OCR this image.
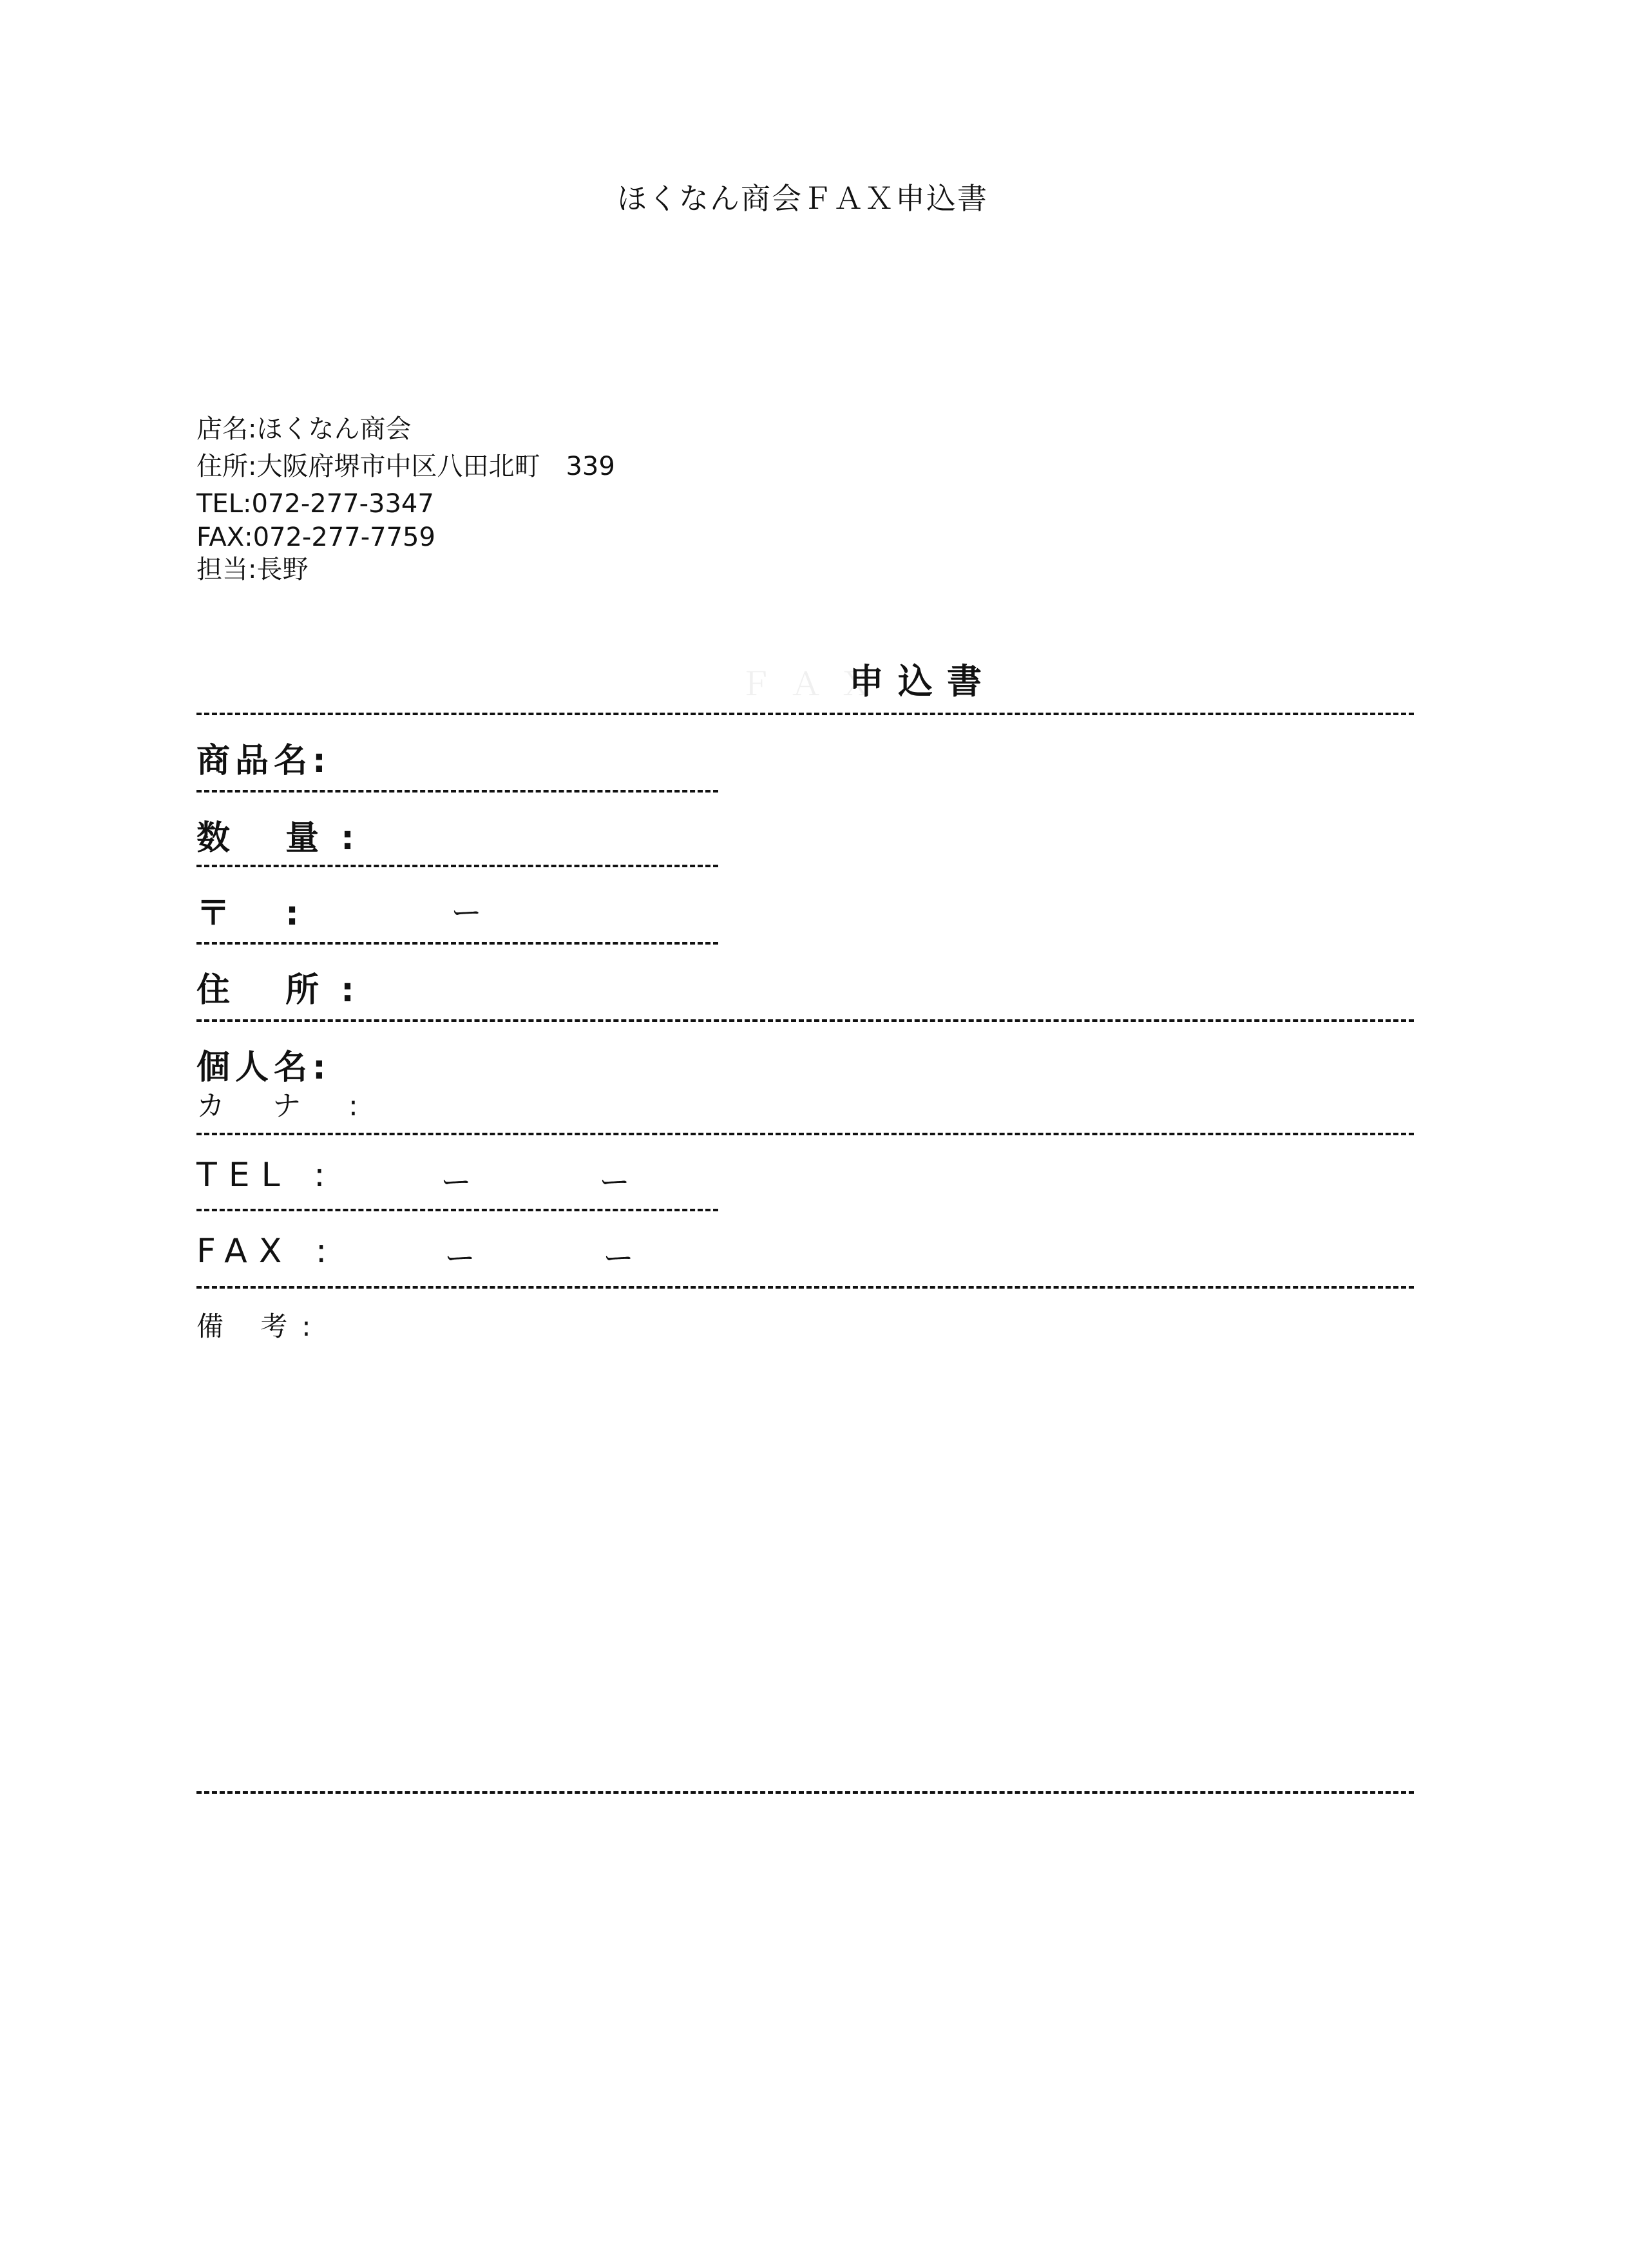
ほくなん商会ＦＡＸ申込書
店名:ほくなん商会
住所:大阪府堺市中区八田北町　339
TEL:072-277-3347
FAX:072-277-7759
担当:長野
ＦＡＸ
申込書
商品名:
数 量:
〒 :	ー
住 所:
個人名:
カ ナ :
TEL :	ー	ー
FAX :	ー	ー
備 考:
